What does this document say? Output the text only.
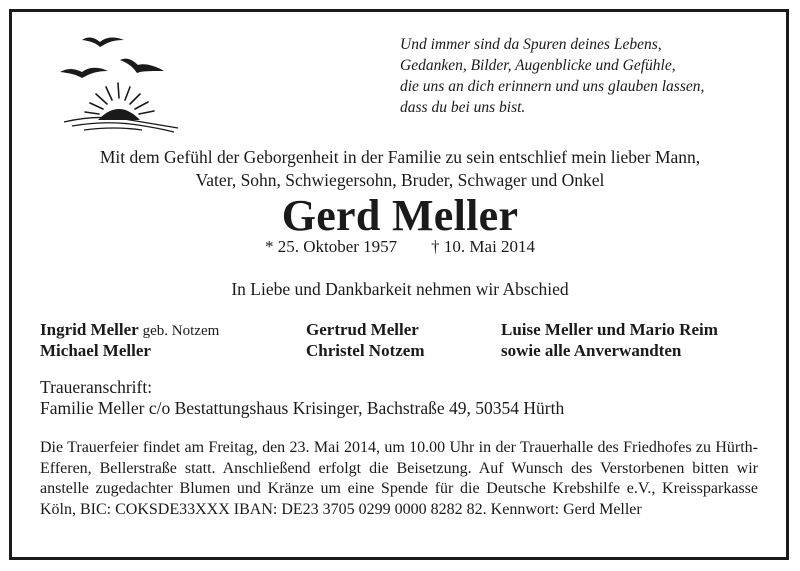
Und immer sind da Spuren deines Lebens,
Gedanken, Bilder, Augenblicke und Gefühle,
die uns an dich erinnern und uns glauben lassen,
dass du bei uns bist.
Mit dem Gefühl der Geborgenheit in der Familie zu sein entschlief mein lieber Mann,
Vater, Sohn, Schwiegersohn, Bruder, Schwager und Onkel
Gerd Meller
* 25. Oktober 1957 † 10. Mai 2014
In Liebe und Dankbarkeit nehmen wir Abschied
Ingrid Meller geb. Notzem
Michael Meller
Gertrud Meller
Christel Notzem
Luise Meller und Mario Reim
sowie alle Anverwandten
Traueranschrift:
Familie Meller c/o Bestattungshaus Krisinger, Bachstraße 49, 50354 Hürth
Die Trauerfeier findet am Freitag, den 23. Mai 2014, um 10.00 Uhr in der Trauerhalle des Friedhofes zu Hürth-Efferen, Bellerstraße statt. Anschließend erfolgt die Beisetzung. Auf Wunsch des Verstorbenen bitten wir anstelle zugedachter Blumen und Kränze um eine Spende für die Deutsche Krebshilfe e.V., Kreissparkasse Köln, BIC: COKSDE33XXX IBAN: DE23 3705 0299 0000 8282 82. Kennwort: Gerd Meller
